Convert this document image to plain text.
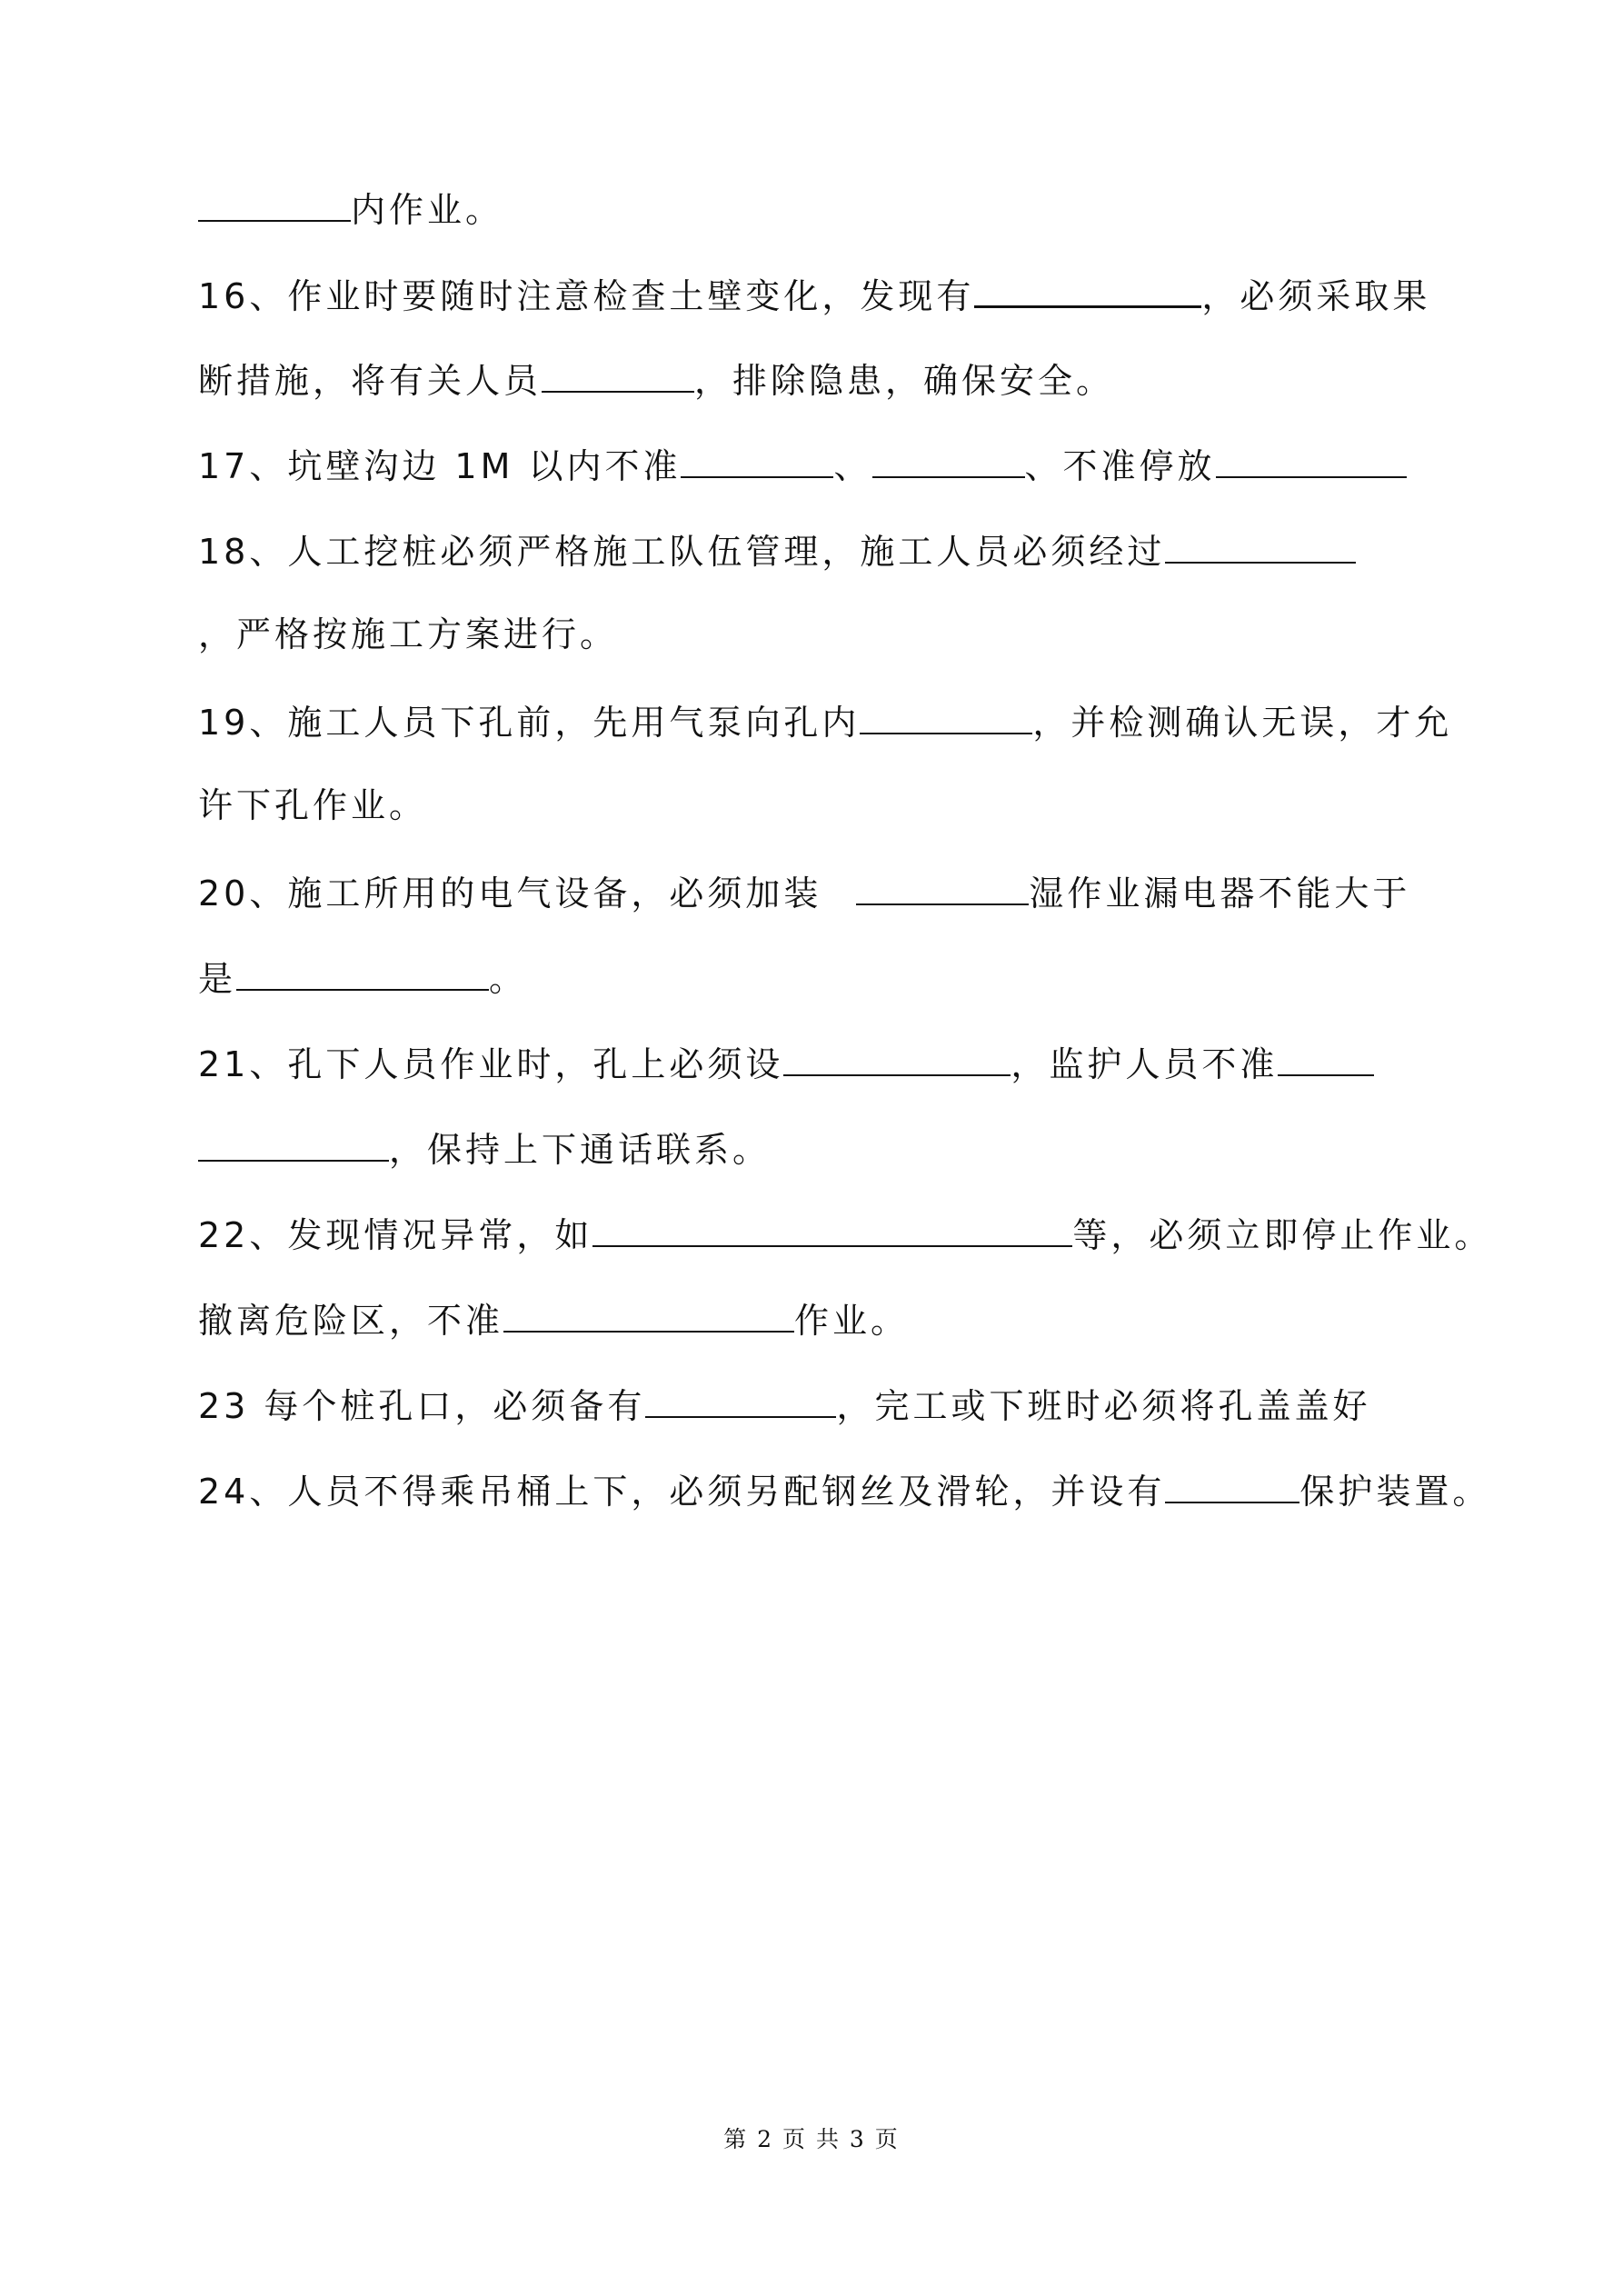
内作业。
16、作业时要随时注意检查土壁变化，发现有	，必须采取果
断措施，将有关人员	，排除隐患，确保安全。
17、坑壁沟边 1M 以内不准	、	、不准停放
18、人工挖桩必须严格施工队伍管理，施工人员必须经过
，严格按施工方案进行。
19、施工人员下孔前，先用气泵向孔内	，并检测确认无误，才允
许下孔作业。
20、施工所用的电气设备，必须加装	湿作业漏电器不能大于
是	。
21、孔下人员作业时，孔上必须设	，监护人员不准
，保持上下通话联系。
22、发现情况异常，如	等，必须立即停止作业。
撤离危险区，不准	作业。
23 每个桩孔口，必须备有	，完工或下班时必须将孔盖盖好
24、人员不得乘吊桶上下，必须另配钢丝及滑轮，并设有	保护装置。
第 2 页 共 3 页
